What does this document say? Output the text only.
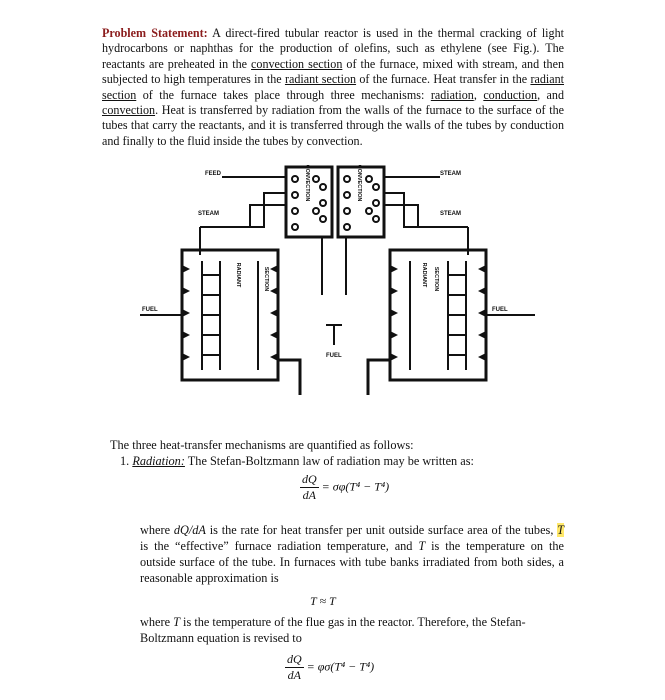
Problem Statement: A direct-fired tubular reactor is used in the thermal cracking of light hydrocarbons or naphthas for the production of olefins, such as ethylene (see Fig.). The reactants are preheated in the convection section of the furnace, mixed with stream, and then subjected to high temperatures in the radiant section of the furnace. Heat transfer in the radiant section of the furnace takes place through three mechanisms: radiation, conduction, and convection. Heat is transferred by radiation from the walls of the furnace to the surface of the tubes that carry the reactants, and it is transferred through the walls of the tubes by conduction and finally to the fluid inside the tubes by convection.

FEED	STEAM
STEAM	STEAM
FUEL	FUEL
FUEL
CONVECTION	CONVECTION
RADIANT	SECTION	RADIANT SECTION

The three heat-transfer mechanisms are quantified as follows:

1. Radiation: The Stefan-Boltzmann law of radiation may be written as:

$\frac{dQ}{dA} = \sigma\varphi(T^4 - T^4)$

where dQ/dA is the rate for heat transfer per unit outside surface area of the tubes, T is the “effective” furnace radiation temperature, and T is the temperature on the outside surface of the tube. In furnaces with tube banks irradiated from both sides, a reasonable approximation is

T ≈ T

where T is the temperature of the flue gas in the reactor. Therefore, the Stefan-Boltzmann equation is revised to

$\frac{dQ}{dA} = \varphi\sigma(T^4 - T^4)$
